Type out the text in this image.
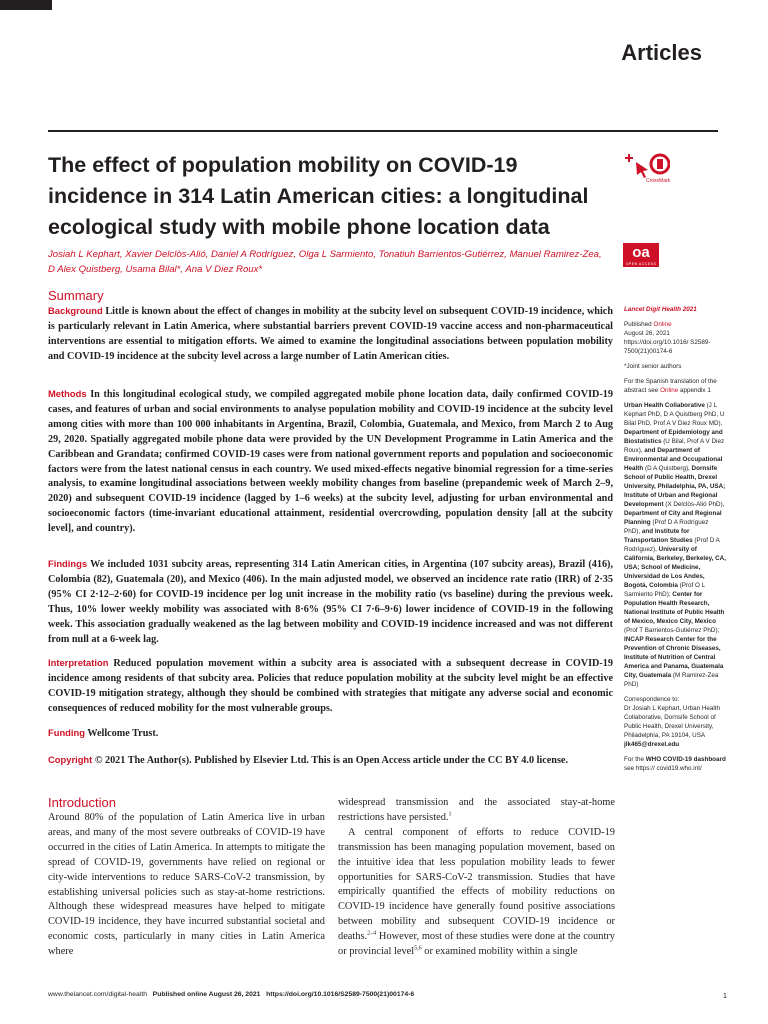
Articles
The effect of population mobility on COVID-19 incidence in 314 Latin American cities: a longitudinal ecological study with mobile phone location data
Josiah L Kephart, Xavier Delclòs-Alió, Daniel A Rodríguez, Olga L Sarmiento, Tonatiuh Barrientos-Gutiérrez, Manuel Ramirez-Zea, D Alex Quistberg, Usama Bilal*, Ana V Diez Roux*
CrossMark
oa
OPEN ACCESS
Summary

Background Little is known about the effect of changes in mobility at the subcity level on subsequent COVID-19 incidence, which is particularly relevant in Latin America, where substantial barriers prevent COVID-19 vaccine access and non-pharmaceutical interventions are essential to mitigation efforts. We aimed to examine the longitudinal associations between population mobility and COVID-19 incidence at the subcity level across a large number of Latin American cities.

Methods In this longitudinal ecological study, we compiled aggregated mobile phone location data, daily confirmed COVID-19 cases, and features of urban and social environments to analyse population mobility and COVID-19 incidence at the subcity level among cities with more than 100 000 inhabitants in Argentina, Brazil, Colombia, Guatemala, and Mexico, from March 2 to Aug 29, 2020. Spatially aggregated mobile phone data were provided by the UN Development Programme in Latin America and the Caribbean and Grandata; confirmed COVID-19 cases were from national government reports and population and socioeconomic factors were from the latest national census in each country. We used mixed-effects negative binomial regression for a time-series analysis, to examine longitudinal associations between weekly mobility changes from baseline (prepandemic week of March 2–9, 2020) and subsequent COVID-19 incidence (lagged by 1–6 weeks) at the subcity level, adjusting for urban environmental and socioeconomic factors (time-invariant educational attainment, residential overcrowding, population density [all at the subcity level], and country).

Findings We included 1031 subcity areas, representing 314 Latin American cities, in Argentina (107 subcity areas), Brazil (416), Colombia (82), Guatemala (20), and Mexico (406). In the main adjusted model, we observed an incidence rate ratio (IRR) of 2·35 (95% CI 2·12–2·60) for COVID-19 incidence per log unit increase in the mobility ratio (vs baseline) during the previous week. Thus, 10% lower weekly mobility was associated with 8·6% (95% CI 7·6–9·6) lower incidence of COVID-19 in the following week. This association gradually weakened as the lag between mobility and COVID-19 incidence increased and was not different from null at a 6-week lag.

Interpretation Reduced population movement within a subcity area is associated with a subsequent decrease in COVID-19 incidence among residents of that subcity area. Policies that reduce population mobility at the subcity level might be an effective COVID-19 mitigation strategy, although they should be combined with strategies that mitigate any adverse social and economic consequences of reduced mobility for the most vulnerable groups.

Funding Wellcome Trust.

Copyright © 2021 The Author(s). Published by Elsevier Ltd. This is an Open Access article under the CC BY 4.0 license.

Introduction

Around 80% of the population of Latin America live in urban areas, and many of the most severe outbreaks of COVID-19 have occurred in the cities of Latin America. In attempts to mitigate the spread of COVID-19, governments have relied on regional or city-wide interventions to reduce SARS-CoV-2 transmission, by establishing universal policies such as stay-at-home restrictions. Although these widespread measures have helped to mitigate COVID-19 incidence, they have incurred substantial societal and economic costs, particularly in many cities in Latin America where

widespread transmission and the associated stay-at-home restrictions have persisted.$^1$
A central component of efforts to reduce COVID-19 transmission has been managing population movement, based on the intuitive idea that less population mobility leads to fewer opportunities for SARS-CoV-2 transmission. Studies that have empirically quantified the effects of mobility reductions on COVID-19 incidence have generally found positive associations between mobility and subsequent COVID-19 incidence or deaths.$^{2-4}$ However, most of these studies were done at the country or provincial level$^{5,6}$ or examined mobility within a single

Lancet Digit Health 2021

Published Online
August 26, 2021
https://doi.org/10.1016/ S2589-7500(21)00174-6

*Joint senior authors

For the Spanish translation of the abstract see Online appendix 1

Urban Health Collaborative (J L Kephart PhD, D A Quistberg PhD, U Bilal PhD, Prof A V Diez Roux MD), Department of Epidemiology and Biostatistics (U Bilal, Prof A V Diez Roux), and Department of Environmental and Occupational Health (D A Quistberg), Dornsife School of Public Health, Drexel University, Philadelphia, PA, USA; Institute of Urban and Regional Development (X Delclòs-Alió PhD), Department of City and Regional Planning (Prof D A Rodríguez PhD), and Institute for Transportation Studies (Prof D A Rodríguez), University of California, Berkeley, Berkeley, CA, USA; School of Medicine, Universidad de Los Andes, Bogotá, Colombia (Prof O L Sarmiento PhD); Center for Population Health Research, National Institute of Public Health of Mexico, Mexico City, Mexico (Prof T Barrientos-Gutiérrez PhD); INCAP Research Center for the Prevention of Chronic Diseases, Institute of Nutrition of Central America and Panama, Guatemala City, Guatemala (M Ramirez-Zea PhD)

Correspondence to:
Dr Josiah L Kephart, Urban Health Collaborative, Dornsife School of Public Health, Drexel University, Philadelphia, PA 19104, USA
jlk465@drexel.edu

For the WHO COVID-19 dashboard see https:// covid19.who.int/

www.thelancet.com/digital-health Published online August 26, 2021 https://doi.org/10.1016/S2589-7500(21)00174-6	1
